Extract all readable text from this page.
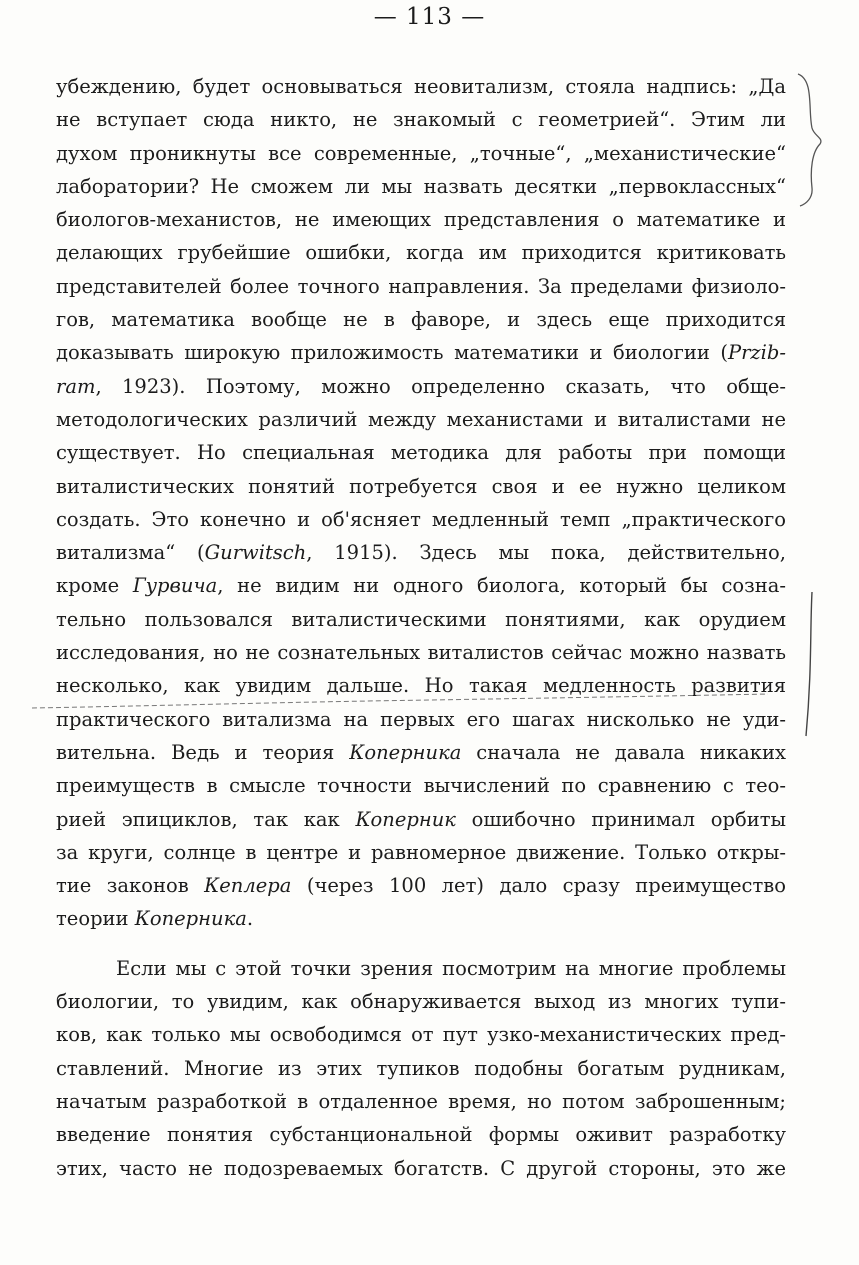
— 113 —
убеждению, будет основываться неовитализм, стояла надпись: „Да
не вступает сюда никто, не знакомый с геометрией“. Этим ли
духом проникнуты все современные, „точные“, „механистические“
лаборатории? Не сможем ли мы назвать десятки „первоклассных“
биологов-механистов, не имеющих представления о математике и
делающих грубейшие ошибки, когда им приходится критиковать
представителей более точного направления. За пределами физиоло-
гов, математика вообще не в фаворе, и здесь еще приходится
доказывать широкую приложимость математики и биологии (Przib-
ram, 1923). Поэтому, можно определенно сказать, что обще-
методологических различий между механистами и виталистами не
существует. Но специальная методика для работы при помощи
виталистических понятий потребуется своя и ее нужно целиком
создать. Это конечно и об'ясняет медленный темп „практического
витализма“ (Gurwitsch, 1915). Здесь мы пока, действительно,
кроме Гурвича, не видим ни одного биолога, который бы созна-
тельно пользовался виталистическими понятиями, как орудием
исследования, но не сознательных виталистов сейчас можно назвать
несколько, как увидим дальше. Но такая медленность развития
практического витализма на первых его шагах нисколько не уди-
вительна. Ведь и теория Коперника сначала не давала никаких
преимуществ в смысле точности вычислений по сравнению с тео-
рией эпициклов, так как Коперник ошибочно принимал орбиты
за круги, солнце в центре и равномерное движение. Только откры-
тие законов Кеплера (через 100 лет) дало сразу преимущество
теории Коперника.
Если мы с этой точки зрения посмотрим на многие проблемы
биологии, то увидим, как обнаруживается выход из многих тупи-
ков, как только мы освободимся от пут узко-механистических пред-
ставлений. Многие из этих тупиков подобны богатым рудникам,
начатым разработкой в отдаленное время, но потом заброшенным;
введение понятия субстанциональной формы оживит разработку
этих, часто не подозреваемых богатств. С другой стороны, это же
